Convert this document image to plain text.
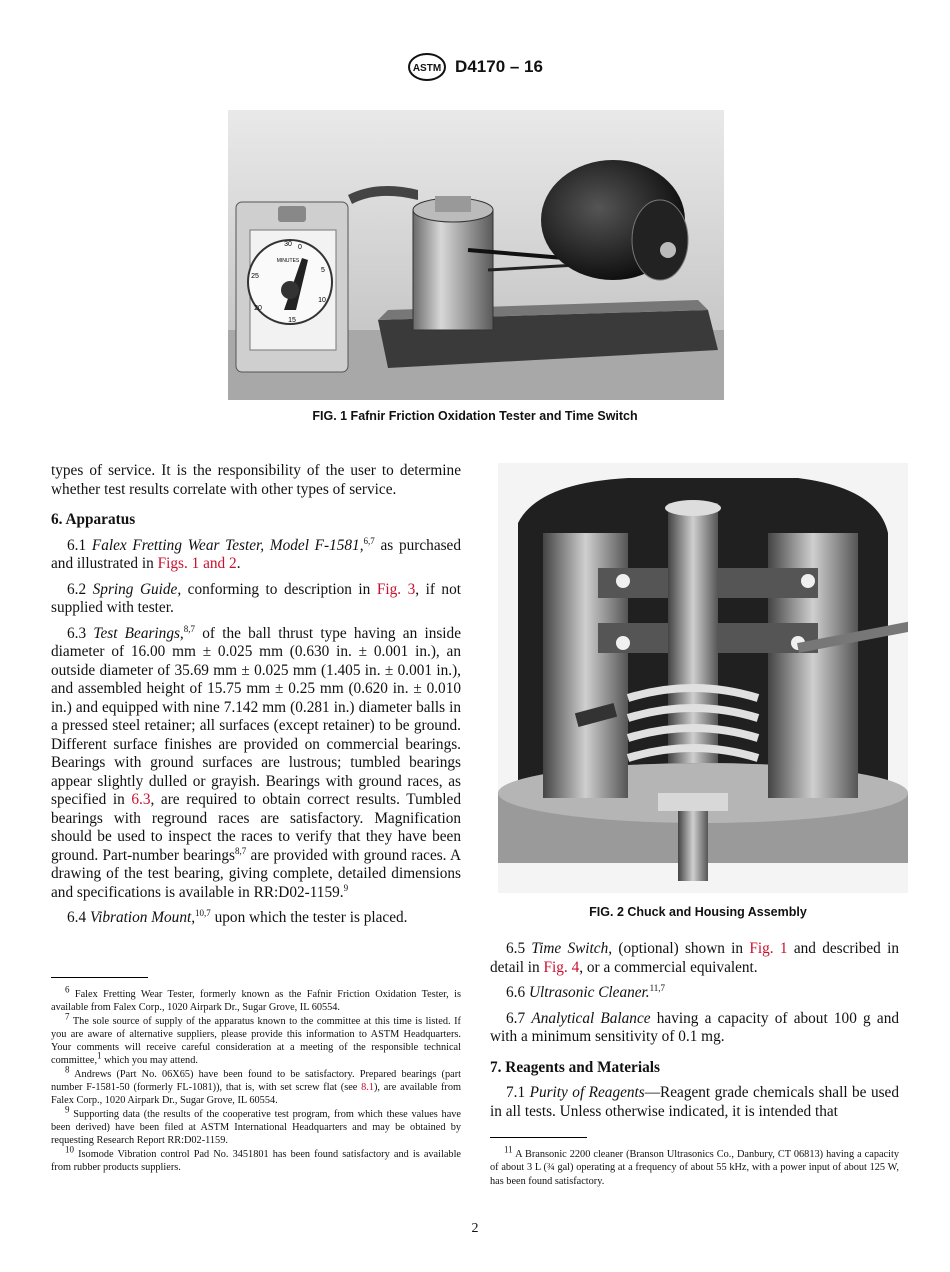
ASTM D4170 – 16
30 0
5
10
15
20
25
MINUTES
FIG. 1 Fafnir Friction Oxidation Tester and Time Switch
FIG. 2 Chuck and Housing Assembly

types of service. It is the responsibility of the user to determine whether test results correlate with other types of service.

6. Apparatus

6.1 Falex Fretting Wear Tester, Model F-1581,$^{6,7}$ as purchased and illustrated in Figs. 1 and 2.

6.2 Spring Guide, conforming to description in Fig. 3, if not supplied with tester.

6.3 Test Bearings,$^{8,7}$ of the ball thrust type having an inside diameter of 16.00 mm ± 0.025 mm (0.630 in. ± 0.001 in.), an outside diameter of 35.69 mm ± 0.025 mm (1.405 in. ± 0.001 in.), and assembled height of 15.75 mm ± 0.25 mm (0.620 in. ± 0.010 in.) and equipped with nine 7.142 mm (0.281 in.) diameter balls in a pressed steel retainer; all surfaces (except retainer) to be ground. Different surface finishes are provided on commercial bearings. Bearings with ground surfaces are lustrous; tumbled bearings appear slightly dulled or grayish. Bearings with ground races, as specified in 6.3, are required to obtain correct results. Tumbled bearings with reground races are satisfactory. Magnification should be used to inspect the races to verify that they have been ground. Part-number bearings$^{8,7}$ are provided with ground races. A drawing of the test bearing, giving complete, detailed dimensions and specifications is available in RR:D02-1159.$^9$

6.4 Vibration Mount,$^{10,7}$ upon which the tester is placed.

6.5 Time Switch, (optional) shown in Fig. 1 and described in detail in Fig. 4, or a commercial equivalent.

6.6 Ultrasonic Cleaner.$^{11,7}$

6.7 Analytical Balance having a capacity of about 100 g and with a minimum sensitivity of 0.1 mg.

7. Reagents and Materials

7.1 Purity of Reagents—Reagent grade chemicals shall be used in all tests. Unless otherwise indicated, it is intended that

$^6$ Falex Fretting Wear Tester, formerly known as the Fafnir Friction Oxidation Tester, is available from Falex Corp., 1020 Airpark Dr., Sugar Grove, IL 60554.

$^7$ The sole source of supply of the apparatus known to the committee at this time is listed. If you are aware of alternative suppliers, please provide this information to ASTM Headquarters. Your comments will receive careful consideration at a meeting of the responsible technical committee,$^1$ which you may attend.

$^8$ Andrews (Part No. 06X65) have been found to be satisfactory. Prepared bearings (part number F-1581-50 (formerly FL-1081)), that is, with set screw flat (see 8.1), are available from Falex Corp., 1020 Airpark Dr., Sugar Grove, IL 60554.

$^9$ Supporting data (the results of the cooperative test program, from which these values have been derived) have been filed at ASTM International Headquarters and may be obtained by requesting Research Report RR:D02-1159.

$^{10}$ Isomode Vibration control Pad No. 3451801 has been found satisfactory and is available from rubber products suppliers.

$^{11}$ A Bransonic 2200 cleaner (Branson Ultrasonics Co., Danbury, CT 06813) having a capacity of about 3 L (¾ gal) operating at a frequency of about 55 kHz, with a power input of about 125 W, has been found satisfactory.

2
